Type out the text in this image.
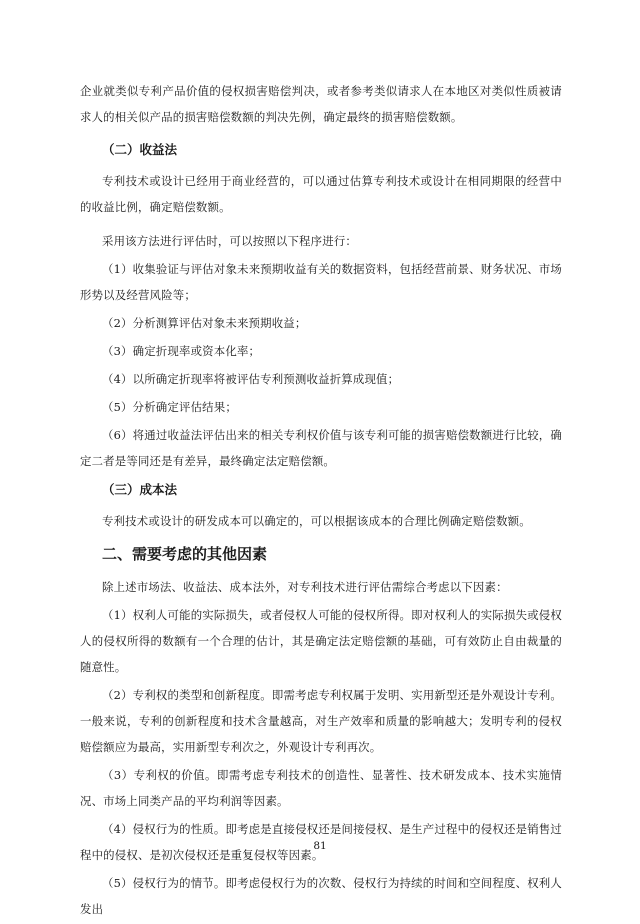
企业就类似专利产品价值的侵权损害赔偿判决，或者参考类似请求人在本地区对类似性质被请求人的相关似产品的损害赔偿数额的判决先例，确定最终的损害赔偿数额。

（二）收益法

专利技术或设计已经用于商业经营的，可以通过估算专利技术或设计在相同期限的经营中的收益比例，确定赔偿数额。

采用该方法进行评估时，可以按照以下程序进行：

（1）收集验证与评估对象未来预期收益有关的数据资料，包括经营前景、财务状况、市场形势以及经营风险等；

（2）分析测算评估对象未来预期收益；

（3）确定折现率或资本化率；

（4）以所确定折现率将被评估专利预测收益折算成现值；

（5）分析确定评估结果；

（6）将通过收益法评估出来的相关专利权价值与该专利可能的损害赔偿数额进行比较，确定二者是等同还是有差异，最终确定法定赔偿额。

（三）成本法

专利技术或设计的研发成本可以确定的，可以根据该成本的合理比例确定赔偿数额。

二、需要考虑的其他因素

除上述市场法、收益法、成本法外，对专利技术进行评估需综合考虑以下因素：

（1）权利人可能的实际损失，或者侵权人可能的侵权所得。即对权利人的实际损失或侵权人的侵权所得的数额有一个合理的估计，其是确定法定赔偿额的基础，可有效防止自由裁量的随意性。

（2）专利权的类型和创新程度。即需考虑专利权属于发明、实用新型还是外观设计专利。一般来说，专利的创新程度和技术含量越高，对生产效率和质量的影响越大；发明专利的侵权赔偿额应为最高，实用新型专利次之，外观设计专利再次。

（3）专利权的价值。即需考虑专利技术的创造性、显著性、技术研发成本、技术实施情况、市场上同类产品的平均利润等因素。

（4）侵权行为的性质。即考虑是直接侵权还是间接侵权、是生产过程中的侵权还是销售过程中的侵权、是初次侵权还是重复侵权等因素。

（5）侵权行为的情节。即考虑侵权行为的次数、侵权行为持续的时间和空间程度、权利人发出

81
